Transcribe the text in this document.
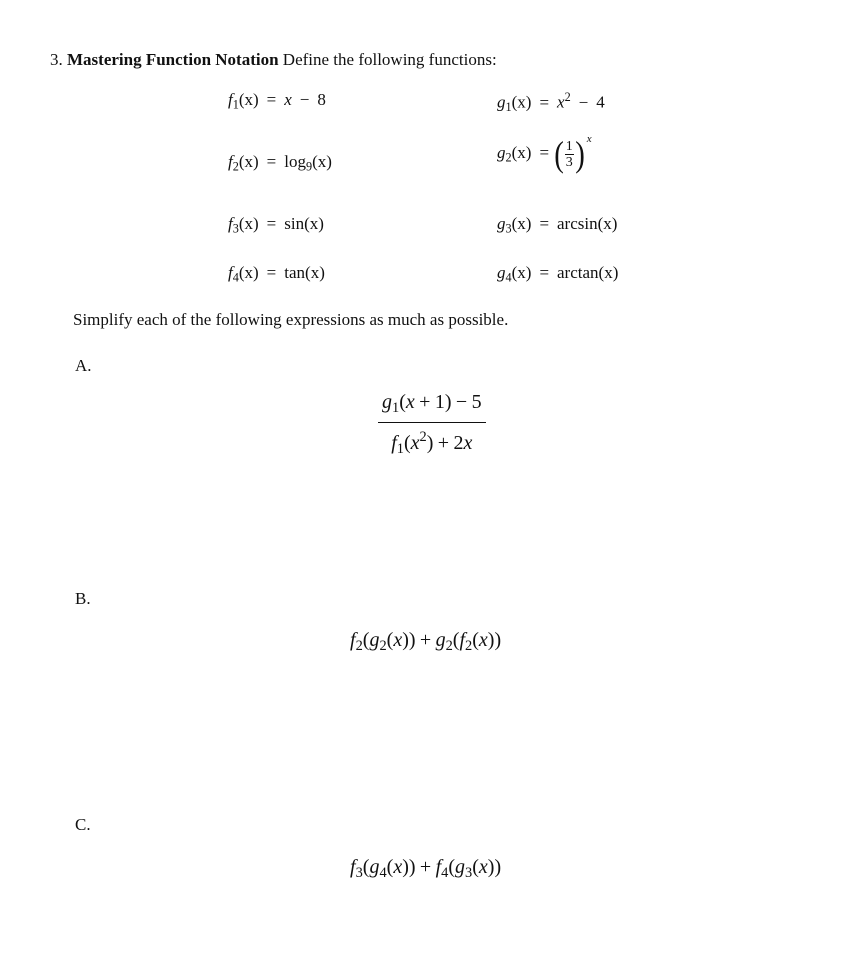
3. Mastering Function Notation Define the following functions:
$f_1(x) = x - 8$	$g_1(x) = x^2 - 4$
$f_2(x) = \log_9(x)$	$g_2(x)$ = ( $\frac{1}{3}$ ) $^x$
$f_3(x) = \sin(x)$	$g_3(x) = \arcsin(x)$
$f_4(x) = \tan(x)$	$g_4(x) = \arctan(x)$
Simplify each of the following expressions as much as possible.
A.
$\frac{g_1(x + 1) - 5}{f_1(x^2) + 2x}$
B.
$f_2(g_2(x)) + g_2(f_2(x))$
C.
$f_3(g_4(x)) + f_4(g_3(x))$
